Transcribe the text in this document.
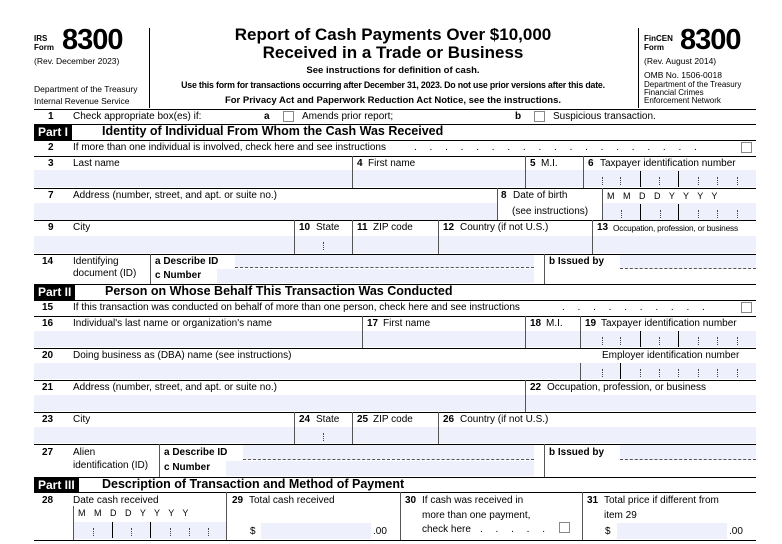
IRS
Form 8300
(Rev. December 2023)
Department of the Treasury
Internal Revenue Service
Report of Cash Payments Over $10,000
Received in a Trade or Business
See instructions for definition of cash.
Use this form for transactions occurring after December 31, 2023. Do not use prior versions after this date.
For Privacy Act and Paperwork Reduction Act Notice, see the instructions.
FinCEN
Form 8300
(Rev. August 2014)
OMB No. 1506-0018
Department of the Treasury
Financial Crimes
Enforcement Network
1 Check appropriate box(es) if:	a	Amends prior report;	b	Suspicious transaction.
Part I	Identity of Individual From Whom the Cash Was Received
2 If more than one individual is involved, check here and see instructions	. . . . . . . . . . . . . . . . . . .
3 Last name	4 First name	5 M.I.	6 Taxpayer identification number
7 Address (number, street, and apt. or suite no.)	8 Date of birth
(see instructions)
M M D D Y Y Y Y
9 City	10 State 11 ZIP code	12 Country (if not U.S.)	13 Occupation, profession, or business
14 Identifying
document (ID)
a Describe ID
c Number
b Issued by
Part II	Person on Whose Behalf This Transaction Was Conducted
15 If this transaction was conducted on behalf of more than one person, check here and see instructions	. . . . . . . . . .
16 Individual's last name or organization's name	17 First name	18 M.I. 19 Taxpayer identification number
20 Doing business as (DBA) name (see instructions)	Employer identification number
21 Address (number, street, and apt. or suite no.)	22 Occupation, profession, or business
23 City	24 State 25 ZIP code	26 Country (if not U.S.)
27 Alien
identification (ID)
a Describe ID
c Number
b Issued by
Part III	Description of Transaction and Method of Payment
28 Date cash received
M M D D Y Y Y Y
29 Total cash received
$	.00
30 If cash was received in
more than one payment,
check here . . . . .
31 Total price if different from
item 29
$	.00
